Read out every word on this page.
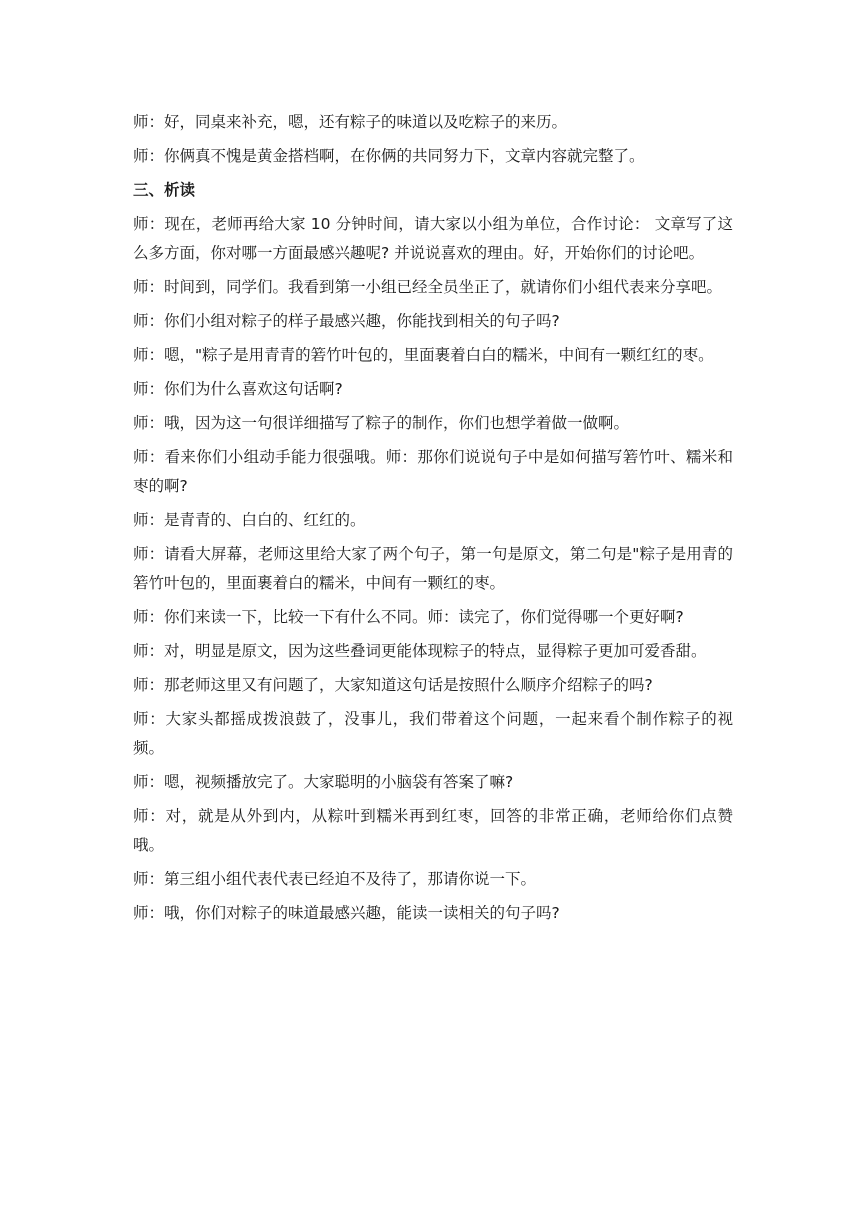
师：好，同桌来补充，嗯，还有粽子的味道以及吃粽子的来历。

师：你俩真不愧是黄金搭档啊，在你俩的共同努力下，文章内容就完整了。

三、析读

师：现在，老师再给大家 10 分钟时间，请大家以小组为单位，合作讨论： 文章写了这么多方面，你对哪一方面最感兴趣呢? 并说说喜欢的理由。好，开始你们的讨论吧。

师：时间到，同学们。我看到第一小组已经全员坐正了，就请你们小组代表来分享吧。

师：你们小组对粽子的样子最感兴趣，你能找到相关的句子吗?

师：嗯，"粽子是用青青的箬竹叶包的，里面裹着白白的糯米，中间有一颗红红的枣。

师：你们为什么喜欢这句话啊?

师：哦，因为这一句很详细描写了粽子的制作，你们也想学着做一做啊。

师：看来你们小组动手能力很强哦。师：那你们说说句子中是如何描写箬竹叶、糯米和枣的啊?

师：是青青的、白白的、红红的。

师：请看大屏幕，老师这里给大家了两个句子，第一句是原文，第二句是"粽子是用青的箬竹叶包的，里面裹着白的糯米，中间有一颗红的枣。

师：你们来读一下，比较一下有什么不同。师：读完了，你们觉得哪一个更好啊?

师：对，明显是原文，因为这些叠词更能体现粽子的特点，显得粽子更加可爱香甜。

师：那老师这里又有问题了，大家知道这句话是按照什么顺序介绍粽子的吗?

师：大家头都摇成拨浪鼓了，没事儿，我们带着这个问题，一起来看个制作粽子的视频。

师：嗯，视频播放完了。大家聪明的小脑袋有答案了嘛?

师：对，就是从外到内，从粽叶到糯米再到红枣，回答的非常正确，老师给你们点赞哦。

师：第三组小组代表代表已经迫不及待了，那请你说一下。

师：哦，你们对粽子的味道最感兴趣，能读一读相关的句子吗?
